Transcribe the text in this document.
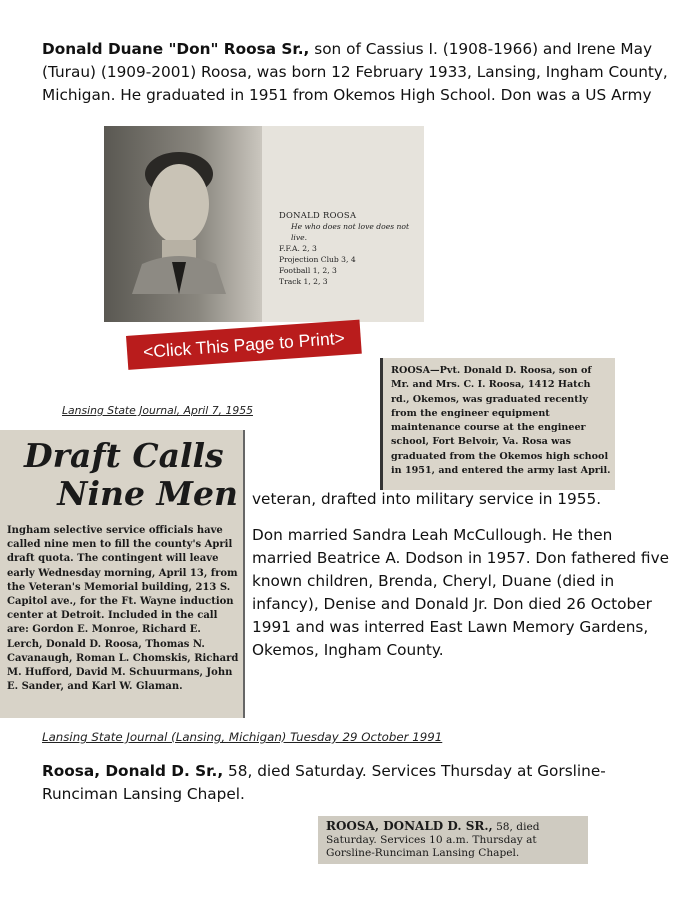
Donald Duane "Don" Roosa Sr., son of Cassius I. (1908-1966) and Irene May (Turau) (1909-2001) Roosa, was born 12 February 1933, Lansing, Ingham County, Michigan. He graduated in 1951 from Okemos High School. Don was a US Army
DONALD ROOSA
He who does not love does not live.
F.F.A. 2, 3
Projection Club 3, 4
Football 1, 2, 3
Track 1, 2, 3
<Click This Page to Print>
ROOSA—Pvt. Donald D. Roosa, son of Mr. and Mrs. C. I. Roosa, 1412 Hatch rd., Okemos, was graduated recently from the engineer equipment maintenance course at the engineer school, Fort Belvoir, Va. Rosa was graduated from the Okemos high school in 1951, and entered the army last April.
Lansing State Journal, April 7, 1955
Draft Calls
Nine Men
Ingham selective service officials have called nine men to fill the county's April draft quota. The contingent will leave early Wednesday morning, April 13, from the Veteran's Memorial building, 213 S. Capitol ave., for the Ft. Wayne induction center at Detroit. Included in the call are: Gordon E. Monroe, Richard E. Lerch, Donald D. Roosa, Thomas N. Cavanaugh, Roman L. Chomskis, Richard M. Hufford, David M. Schuurmans, John E. Sander, and Karl W. Glaman.
veteran, drafted into military service in 1955.
Don married Sandra Leah McCullough. He then married Beatrice A. Dodson in 1957. Don fathered five known children, Brenda, Cheryl, Duane (died in infancy), Denise and Donald Jr. Don died 26 October 1991 and was interred East Lawn Memory Gardens, Okemos, Ingham County.
Lansing State Journal (Lansing, Michigan) Tuesday 29 October 1991
Roosa, Donald D. Sr., 58, died Saturday. Services Thursday at Gorsline-Runciman Lansing Chapel.
ROOSA, DONALD D. SR., 58, died Saturday. Services 10 a.m. Thursday at Gorsline-Runciman Lansing Chapel.
